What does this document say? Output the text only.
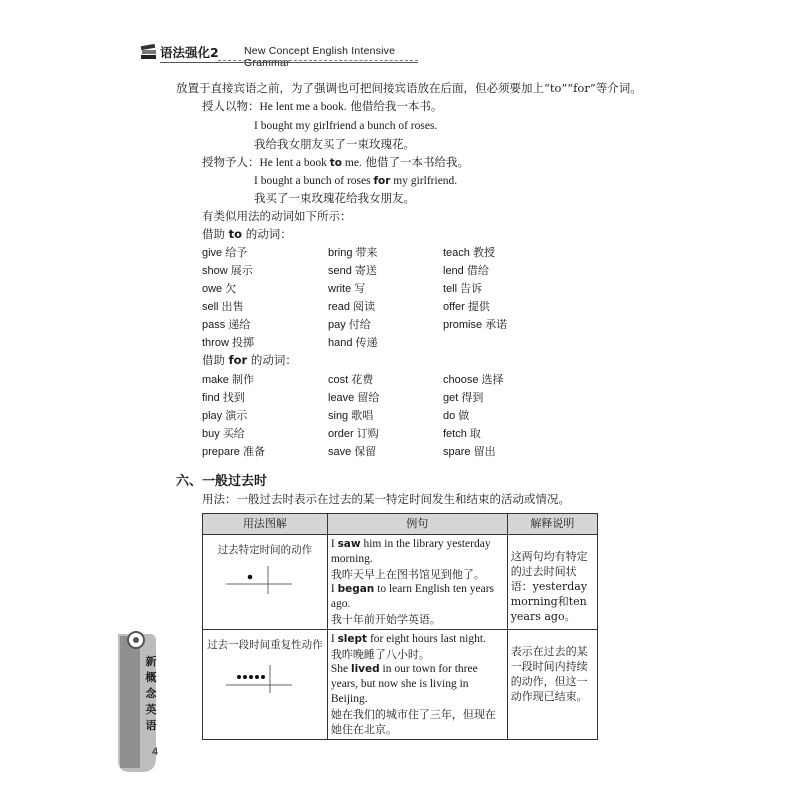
语法强化2 New Concept English Intensive Grammar
放置于直接宾语之前，为了强调也可把间接宾语放在后面，但必须要加上“to”“for”等介词。
授人以物：He lent me a book. 他借给我一本书。
I bought my girlfriend a bunch of roses.
我给我女朋友买了一束玫瑰花。
授物予人：He lent a book to me. 他借了一本书给我。
I bought a bunch of roses for my girlfriend.
我买了一束玫瑰花给我女朋友。
有类似用法的动词如下所示：
借助 to 的动词：
give 给予	bring 带来	teach 教授
show 展示	send 寄送	lend 借给
owe 欠	write 写	tell 告诉
sell 出售	read 阅读	offer 提供
pass 递给	pay 付给	promise 承诺
throw 投掷	hand 传递
借助 for 的动词：
make 制作	cost 花费	choose 选择
find 找到	leave 留给	get 得到
play 演示	sing 歌唱	do 做
buy 买给	order 订购	fetch 取
prepare 准备	save 保留	spare 留出
六、一般过去时
用法：一般过去时表示在过去的某一特定时间发生和结束的活动或情况。
用法图解	例句	解释说明

过去特定时间的动作	I saw him in the library yesterday morning.
我昨天早上在图书馆见到他了。
I began to learn English ten years ago.
我十年前开始学英语。	这两句均有特定的过去时间状语：yesterday morning和ten years ago。

过去一段时间重复性动作	I slept for eight hours last night.
我昨晚睡了八小时。
She lived in our town for three years, but now she is living in Beijing.
她在我们的城市住了三年，但现在她住在北京。	表示在过去的某一段时间内持续的动作，但这一动作现已结束。
新
概
念
英
语
4
